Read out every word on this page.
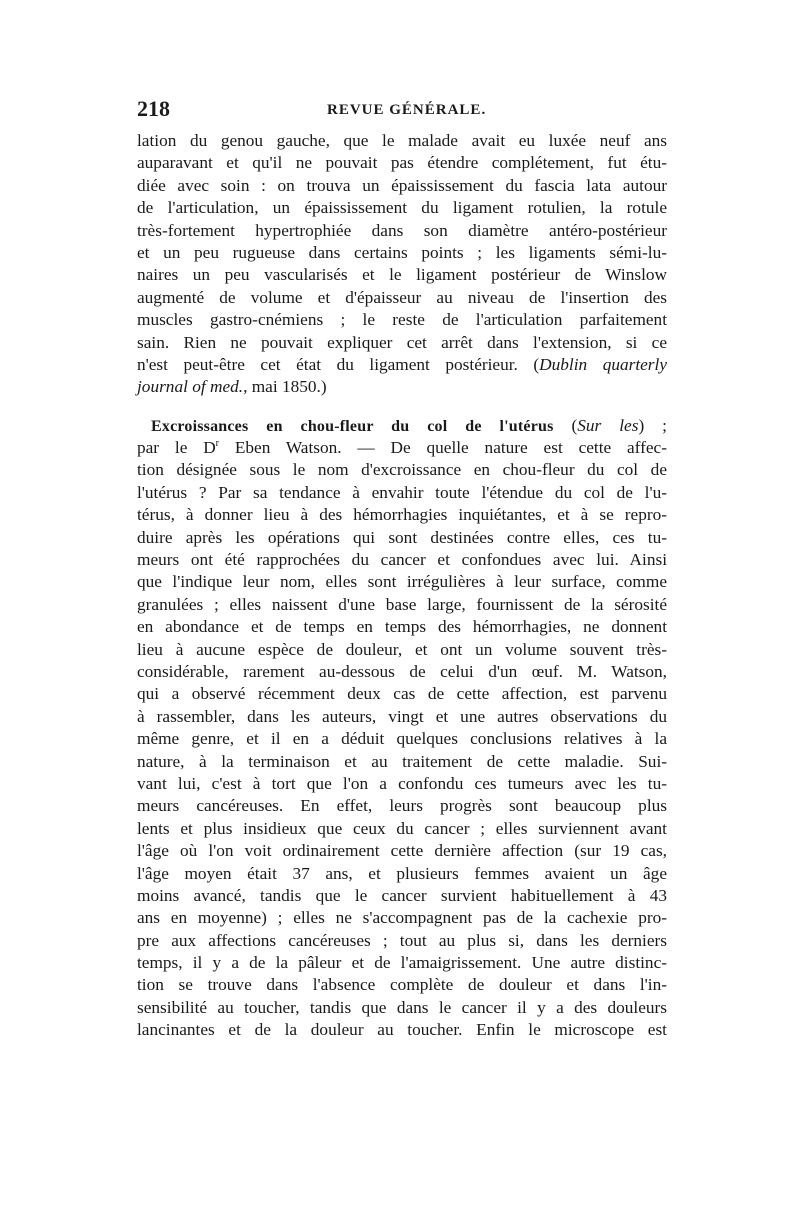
218	REVUE GÉNÉRALE.
lation du genou gauche, que le malade avait eu luxée neuf ans
auparavant et qu'il ne pouvait pas étendre complétement, fut étu-
diée avec soin : on trouva un épaississement du fascia lata autour
de l'articulation, un épaississement du ligament rotulien, la rotule
très-fortement hypertrophiée dans son diamètre antéro-postérieur
et un peu rugueuse dans certains points ; les ligaments sémi-lu-
naires un peu vascularisés et le ligament postérieur de Winslow
augmenté de volume et d'épaisseur au niveau de l'insertion des
muscles gastro-cnémiens ; le reste de l'articulation parfaitement
sain. Rien ne pouvait expliquer cet arrêt dans l'extension, si ce
n'est peut-être cet état du ligament postérieur. (Dublin quarterly
journal of med., mai 1850.)
Excroissances en chou-fleur du col de l'utérus (Sur les) ;
par le $D^r$ Eben Watson. — De quelle nature est cette affec-
tion désignée sous le nom d'excroissance en chou-fleur du col de
l'utérus ? Par sa tendance à envahir toute l'étendue du col de l'u-
térus, à donner lieu à des hémorrhagies inquiétantes, et à se repro-
duire après les opérations qui sont destinées contre elles, ces tu-
meurs ont été rapprochées du cancer et confondues avec lui. Ainsi
que l'indique leur nom, elles sont irrégulières à leur surface, comme
granulées ; elles naissent d'une base large, fournissent de la sérosité
en abondance et de temps en temps des hémorrhagies, ne donnent
lieu à aucune espèce de douleur, et ont un volume souvent très-
considérable, rarement au-dessous de celui d'un œuf. M. Watson,
qui a observé récemment deux cas de cette affection, est parvenu
à rassembler, dans les auteurs, vingt et une autres observations du
même genre, et il en a déduit quelques conclusions relatives à la
nature, à la terminaison et au traitement de cette maladie. Sui-
vant lui, c'est à tort que l'on a confondu ces tumeurs avec les tu-
meurs cancéreuses. En effet, leurs progrès sont beaucoup plus
lents et plus insidieux que ceux du cancer ; elles surviennent avant
l'âge où l'on voit ordinairement cette dernière affection (sur 19 cas,
l'âge moyen était 37 ans, et plusieurs femmes avaient un âge
moins avancé, tandis que le cancer survient habituellement à 43
ans en moyenne) ; elles ne s'accompagnent pas de la cachexie pro-
pre aux affections cancéreuses ; tout au plus si, dans les derniers
temps, il y a de la pâleur et de l'amaigrissement. Une autre distinc-
tion se trouve dans l'absence complète de douleur et dans l'in-
sensibilité au toucher, tandis que dans le cancer il y a des douleurs
lancinantes et de la douleur au toucher. Enfin le microscope est
